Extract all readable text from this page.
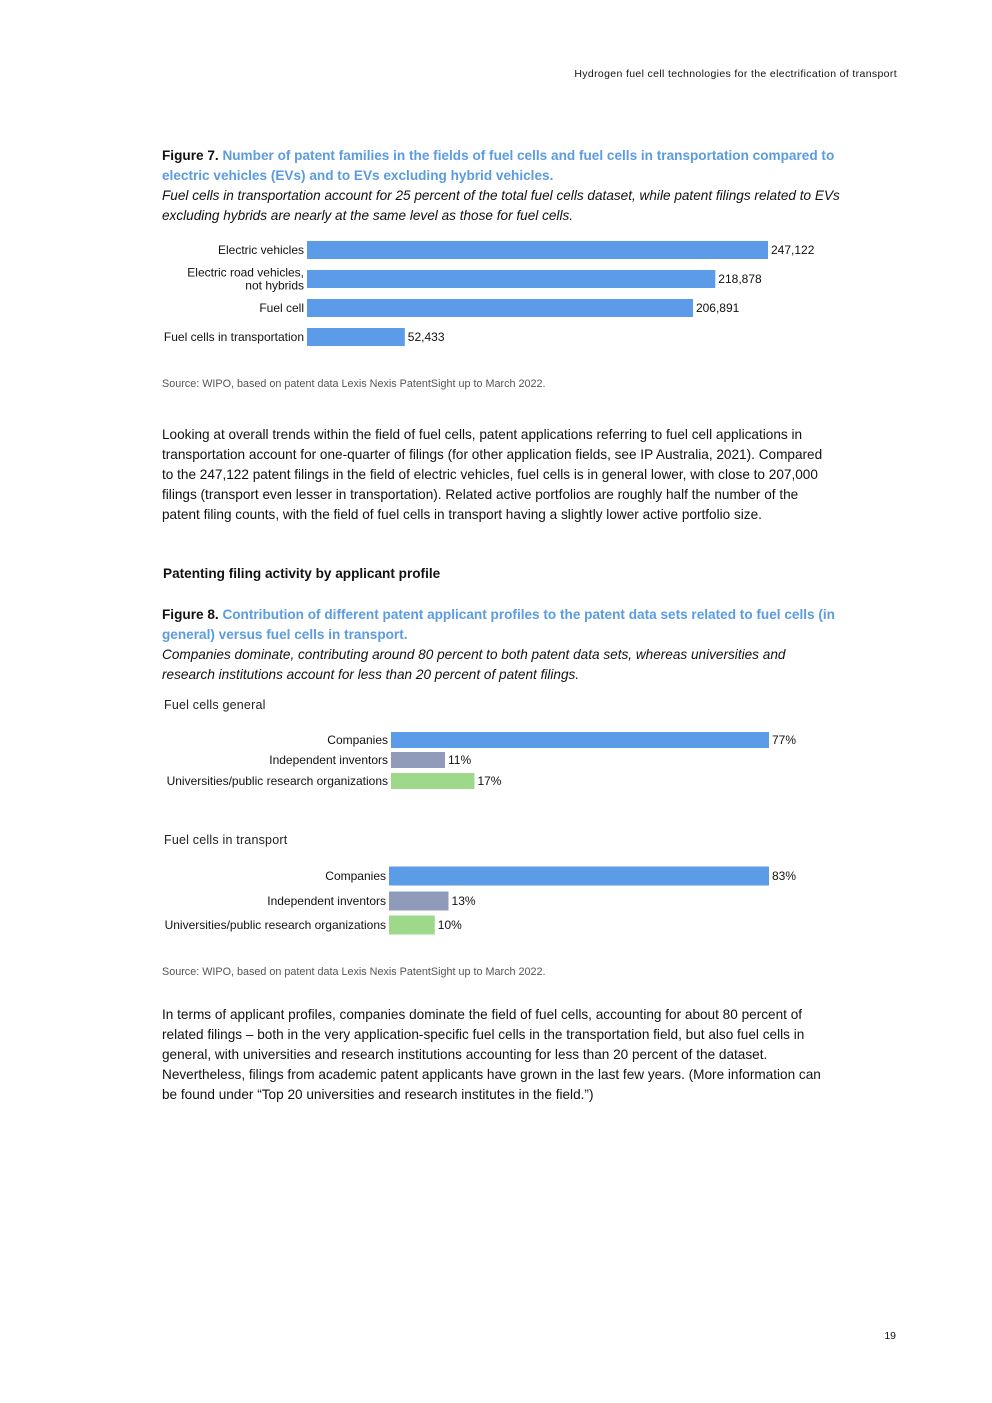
Hydrogen fuel cell technologies for the electrification of transport
Figure 7. Number of patent families in the fields of fuel cells and fuel cells in transportation compared to electric vehicles (EVs) and to EVs excluding hybrid vehicles.
Fuel cells in transportation account for 25 percent of the total fuel cells dataset, while patent filings related to EVs excluding hybrids are nearly at the same level as those for fuel cells.
Electric vehicles	247,122
Electric road vehicles,
not hybrids	218,878
Fuel cell	206,891
Fuel cells in transportation	52,433
Companies	77%
Independent inventors	11%
Universities/public research organizations	17%
Companies	83%
Independent inventors	13%
Universities/public research organizations	10%
Source: WIPO, based on patent data Lexis Nexis PatentSight up to March 2022.
Looking at overall trends within the field of fuel cells, patent applications referring to fuel cell applications in transportation account for one-quarter of filings (for other application fields, see IP Australia, 2021). Compared to the 247,122 patent filings in the field of electric vehicles, fuel cells is in general lower, with close to 207,000 filings (transport even lesser in transportation). Related active portfolios are roughly half the number of the patent filing counts, with the field of fuel cells in transport having a slightly lower active portfolio size.
Patenting filing activity by applicant profile
Figure 8. Contribution of different patent applicant profiles to the patent data sets related to fuel cells (in general) versus fuel cells in transport.
Companies dominate, contributing around 80 percent to both patent data sets, whereas universities and research institutions account for less than 20 percent of patent filings.
Fuel cells general
Fuel cells in transport
Source: WIPO, based on patent data Lexis Nexis PatentSight up to March 2022.
In terms of applicant profiles, companies dominate the field of fuel cells, accounting for about 80 percent of related filings – both in the very application-specific fuel cells in the transportation field, but also fuel cells in general, with universities and research institutions accounting for less than 20 percent of the dataset. Nevertheless, filings from academic patent applicants have grown in the last few years. (More information can be found under “Top 20 universities and research institutes in the field.”)
19
